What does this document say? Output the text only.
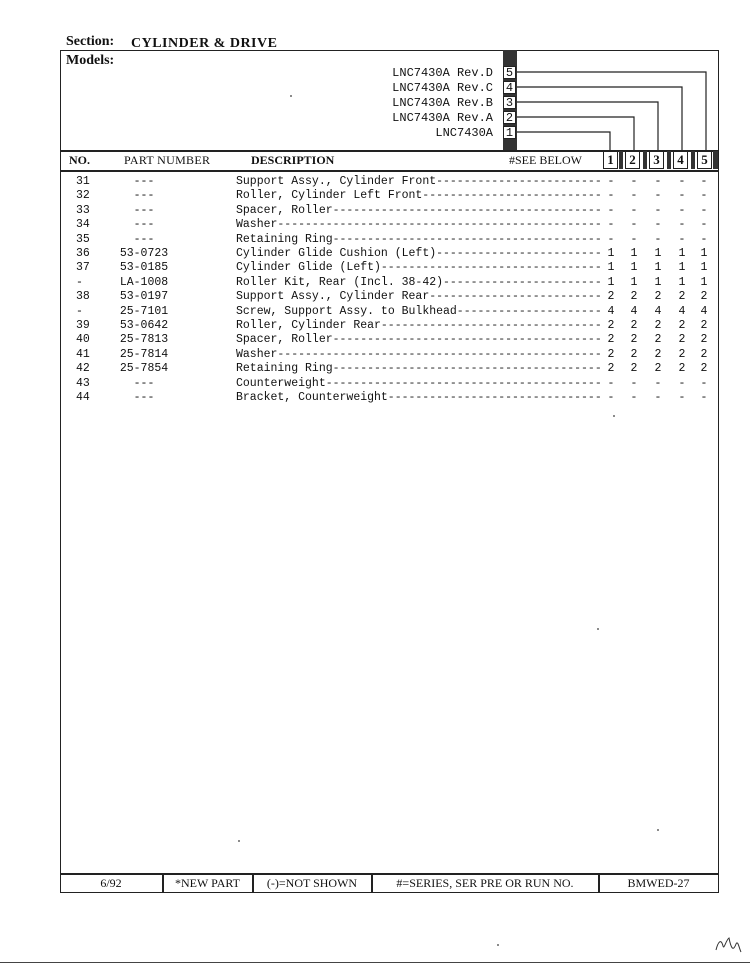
Section: CYLINDER & DRIVE
Models:
LNC7430A Rev.D 5
LNC7430A Rev.C 4
LNC7430A Rev.B 3
LNC7430A Rev.A 2
LNC7430A 1
NO.	PART NUMBER	DESCRIPTION	#SEE BELOW	1	2	3	4	5
31	---	Support Assy., Cylinder Front ------------------------ - - - - -
32	---	Roller, Cylinder Left Front -------------------------- - - - - -
33	---	Spacer, Roller --------------------------------------- - - - - -
34	---	Washer ----------------------------------------------- - - - - -
35	---	Retaining Ring --------------------------------------- - - - - -
36	53-0723	Cylinder Glide Cushion (Left) ------------------------ 1 1 1 1 1
37	53-0185	Cylinder Glide (Left) -------------------------------- 1 1 1 1 1
-	LA-1008	Roller Kit, Rear (Incl. 38-42) ----------------------- 1 1 1 1 1
38	53-0197	Support Assy., Cylinder Rear ------------------------- 2 2 2 2 2
-	25-7101	Screw, Support Assy. to Bulkhead --------------------- 4 4 4 4 4
39	53-0642	Roller, Cylinder Rear -------------------------------- 2 2 2 2 2
40	25-7813	Spacer, Roller --------------------------------------- 2 2 2 2 2
41	25-7814	Washer ----------------------------------------------- 2 2 2 2 2
42	25-7854	Retaining Ring --------------------------------------- 2 2 2 2 2
43	---	Counterweight ---------------------------------------- - - - - -
44	---	Bracket, Counterweight ------------------------------- - - - - -
6/92	*NEW PART	(-)=NOT SHOWN	#=SERIES, SER PRE OR RUN NO.	BMWED-27
